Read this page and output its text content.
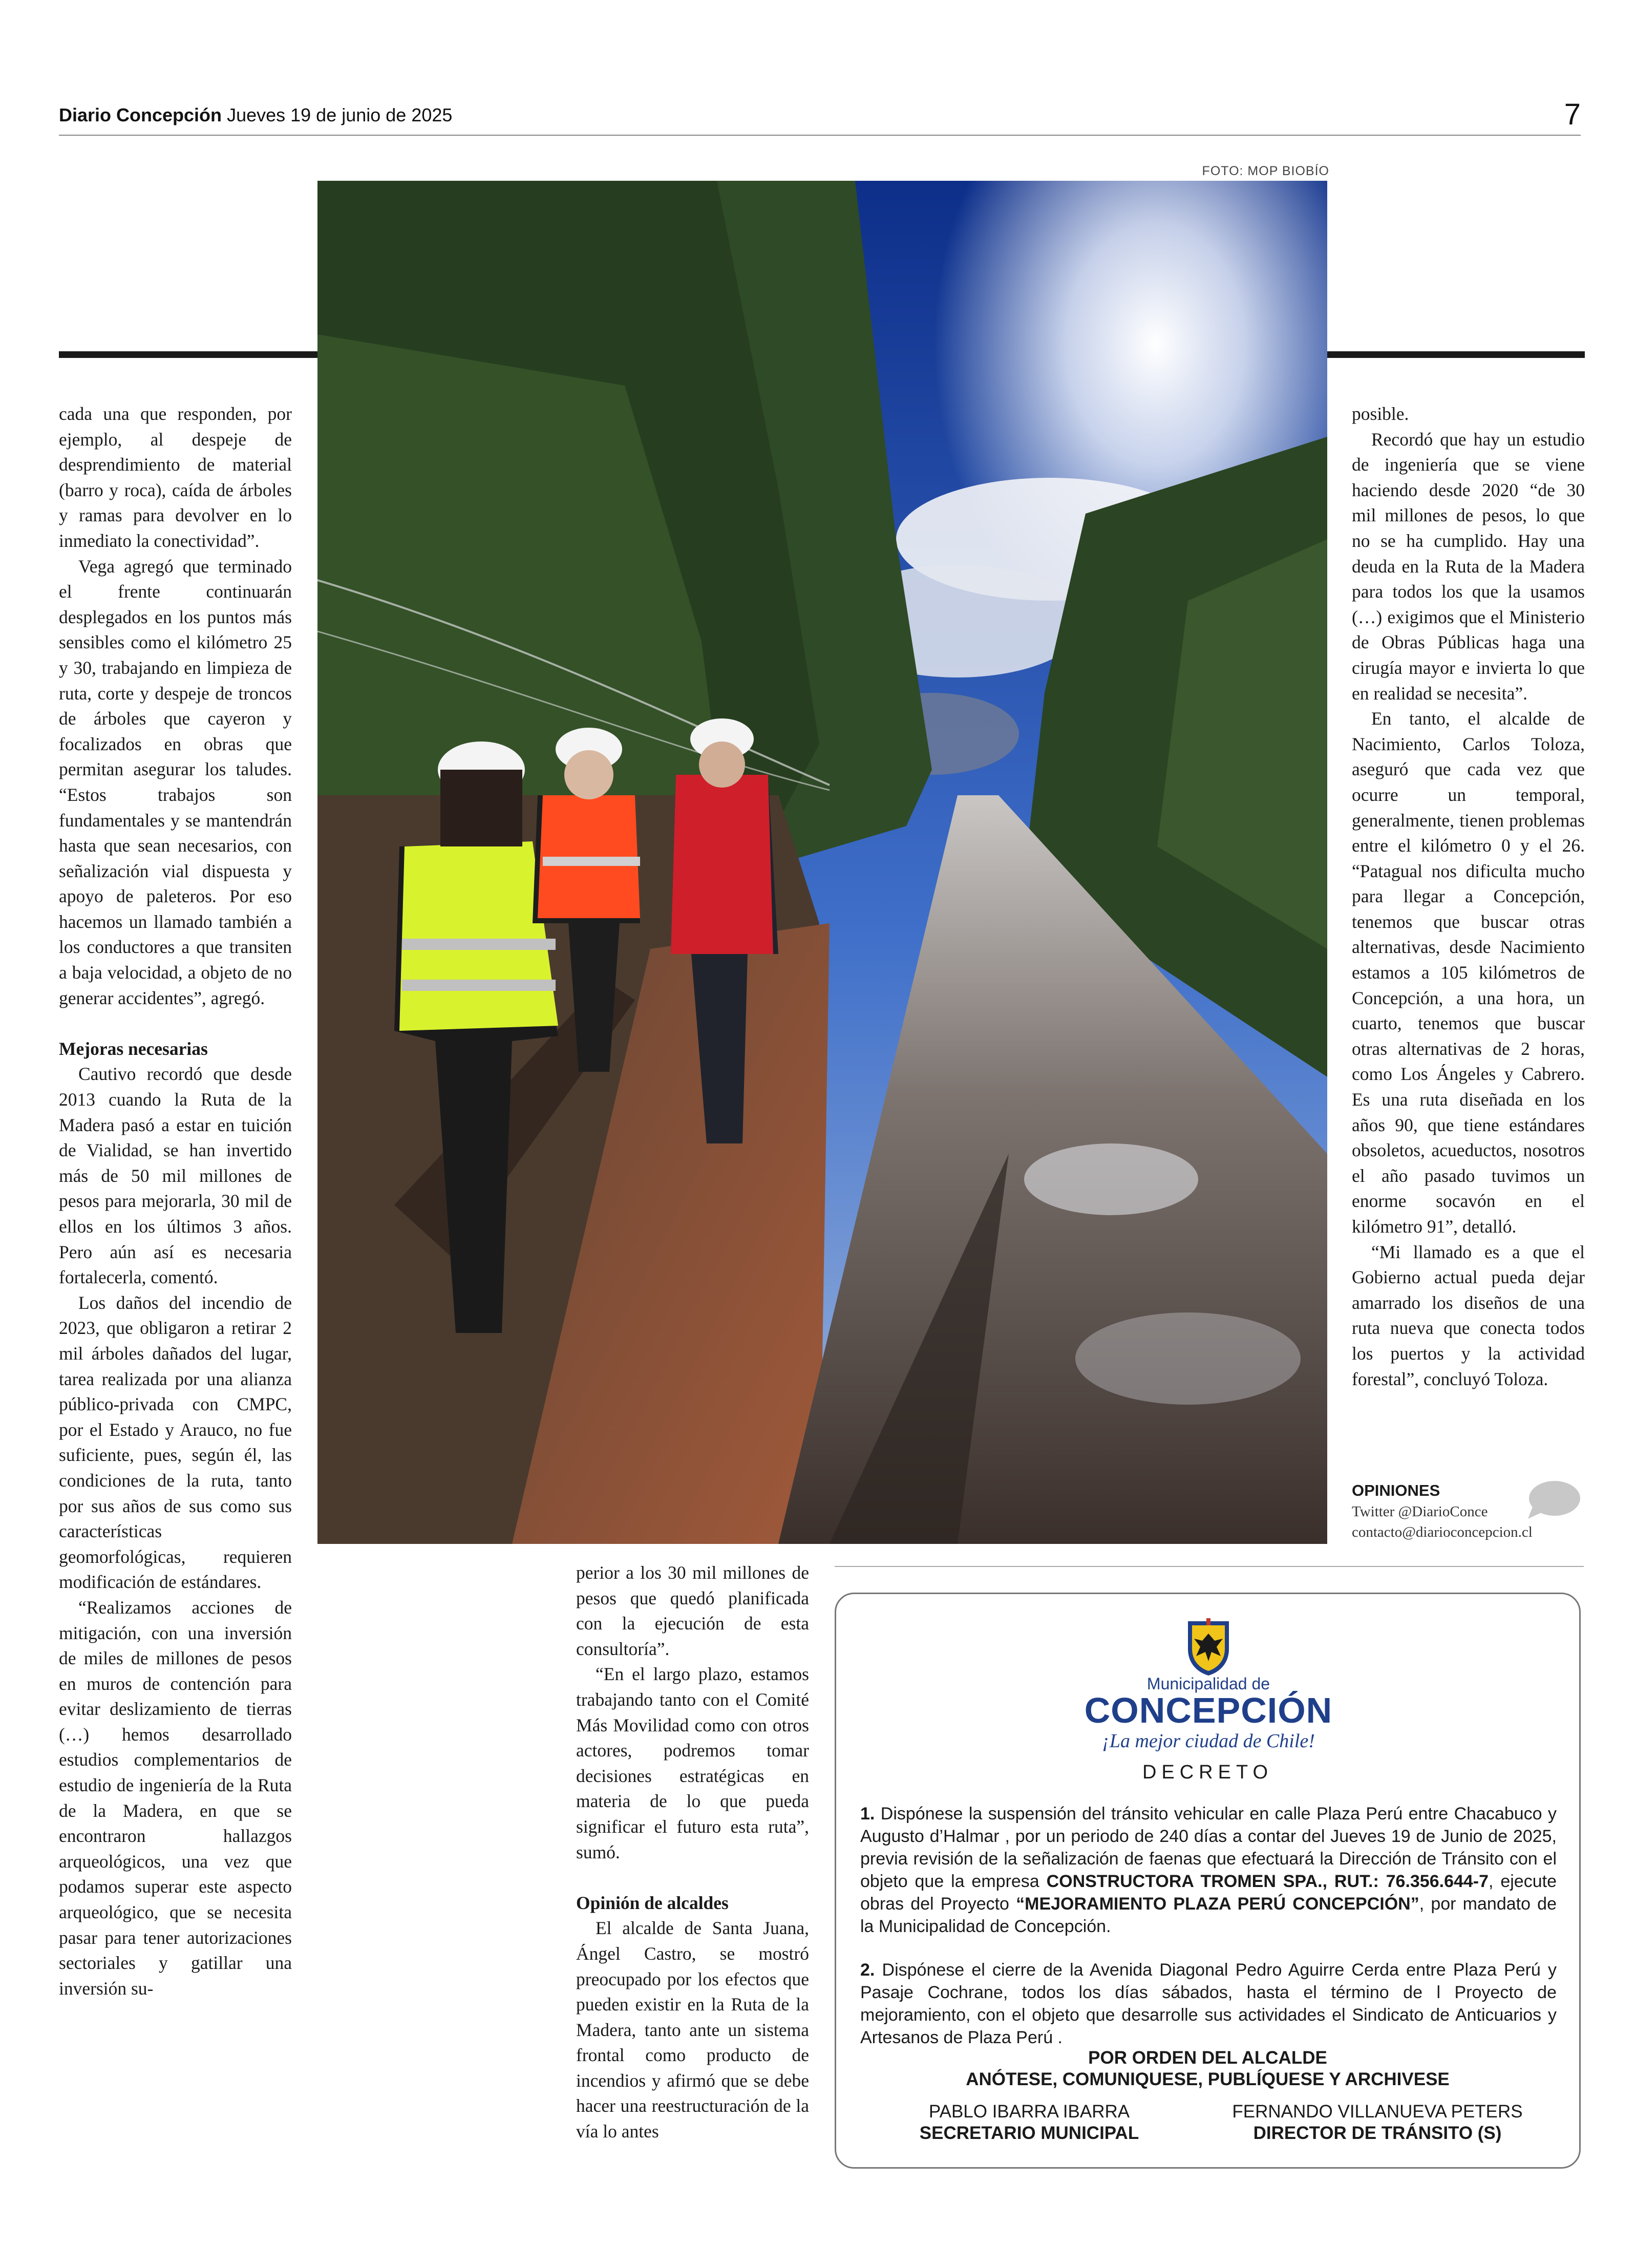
Diario Concepción Jueves 19 de junio de 2025	7
FOTO: MOP BIOBÍO

cada una que responden, por ejemplo, al despeje de desprendimiento de material (barro y roca), caída de árboles y ramas para devolver en lo inmediato la conectividad”.

Vega agregó que terminado el frente continuarán desplegados en los puntos más sensibles como el kilómetro 25 y 30, trabajando en limpieza de ruta, corte y despeje de troncos de árboles que cayeron y focalizados en obras que permitan asegurar los taludes. “Estos trabajos son fundamentales y se mantendrán hasta que sean necesarios, con señalización vial dispuesta y apoyo de paleteros. Por eso hacemos un llamado también a los conductores a que transiten a baja velocidad, a objeto de no generar accidentes”, agregó.

Mejoras necesarias

Cautivo recordó que desde 2013 cuando la Ruta de la Madera pasó a estar en tuición de Vialidad, se han invertido más de 50 mil millones de pesos para mejorarla, 30 mil de ellos en los últimos 3 años. Pero aún así es necesaria fortalecerla, comentó.

Los daños del incendio de 2023, que obligaron a retirar 2 mil árboles dañados del lugar, tarea realizada por una alianza público-privada con CMPC, por el Estado y Arauco, no fue suficiente, pues, según él, las condiciones de la ruta, tanto por sus años de sus como sus características geomorfológicas, requieren modificación de estándares.

“Realizamos acciones de mitigación, con una inversión de miles de millones de pesos en muros de contención para evitar deslizamiento de tierras (…) hemos desarrollado estudios complementarios de estudio de ingeniería de la Ruta de la Madera, en que se encontraron hallazgos arqueológicos, una vez que podamos superar este aspecto arqueológico, que se necesita pasar para tener autorizaciones sectoriales y gatillar una inversión su-

perior a los 30 mil millones de pesos que quedó planificada con la ejecución de esta consultoría”.

“En el largo plazo, estamos trabajando tanto con el Comité Más Movilidad como con otros actores, podremos tomar decisiones estratégicas en materia de lo que pueda significar el futuro esta ruta”, sumó.

Opinión de alcaldes

El alcalde de Santa Juana, Ángel Castro, se mostró preocupado por los efectos que pueden existir en la Ruta de la Madera, tanto ante un sistema frontal como producto de incendios y afirmó que se debe hacer una reestructuración de la vía lo antes

posible.

Recordó que hay un estudio de ingeniería que se viene haciendo desde 2020 “de 30 mil millones de pesos, lo que no se ha cumplido. Hay una deuda en la Ruta de la Madera para todos los que la usamos (…) exigimos que el Ministerio de Obras Públicas haga una cirugía mayor e invierta lo que en realidad se necesita”.

En tanto, el alcalde de Nacimiento, Carlos Toloza, aseguró que cada vez que ocurre un temporal, generalmente, tienen problemas entre el kilómetro 0 y el 26. “Patagual nos dificulta mucho para llegar a Concepción, tenemos que buscar otras alternativas, desde Nacimiento estamos a 105 kilómetros de Concepción, a una hora, un cuarto, tenemos que buscar otras alternativas de 2 horas, como Los Ángeles y Cabrero. Es una ruta diseñada en los años 90, que tiene estándares obsoletos, acueductos, nosotros el año pasado tuvimos un enorme socavón en el kilómetro 91”, detalló.

“Mi llamado es a que el Gobierno actual pueda dejar amarrado los diseños de una ruta nueva que conecta todos los puertos y la actividad forestal”, concluyó Toloza.

OPINIONES
Twitter @DiarioConce
contacto@diarioconcepcion.cl
Municipalidad de
CONCEPCIÓN
¡La mejor ciudad de Chile!
DECRETO
1. Dispónese la suspensión del tránsito vehicular en calle Plaza Perú entre Chacabuco y Augusto d’Halmar , por un periodo de 240 días a contar del Jueves 19 de Junio de 2025, previa revisión de la señalización de faenas que efectuará la Dirección de Tránsito con el objeto que la empresa CONSTRUCTORA TROMEN SPA., RUT.: 76.356.644-7, ejecute obras del Proyecto “MEJORAMIENTO PLAZA PERÚ CONCEPCIÓN”, por mandato de la Municipalidad de Concepción.
2. Dispónese el cierre de la Avenida Diagonal Pedro Aguirre Cerda entre Plaza Perú y Pasaje Cochrane, todos los días sábados, hasta el término de l Proyecto de mejoramiento, con el objeto que desarrolle sus actividades el Sindicato de Anticuarios y Artesanos de Plaza Perú .
POR ORDEN DEL ALCALDE
ANÓTESE, COMUNIQUESE, PUBLÍQUESE Y ARCHIVESE
PABLO IBARRA IBARRA
SECRETARIO MUNICIPAL
FERNANDO VILLANUEVA PETERS
DIRECTOR DE TRÁNSITO (S)
